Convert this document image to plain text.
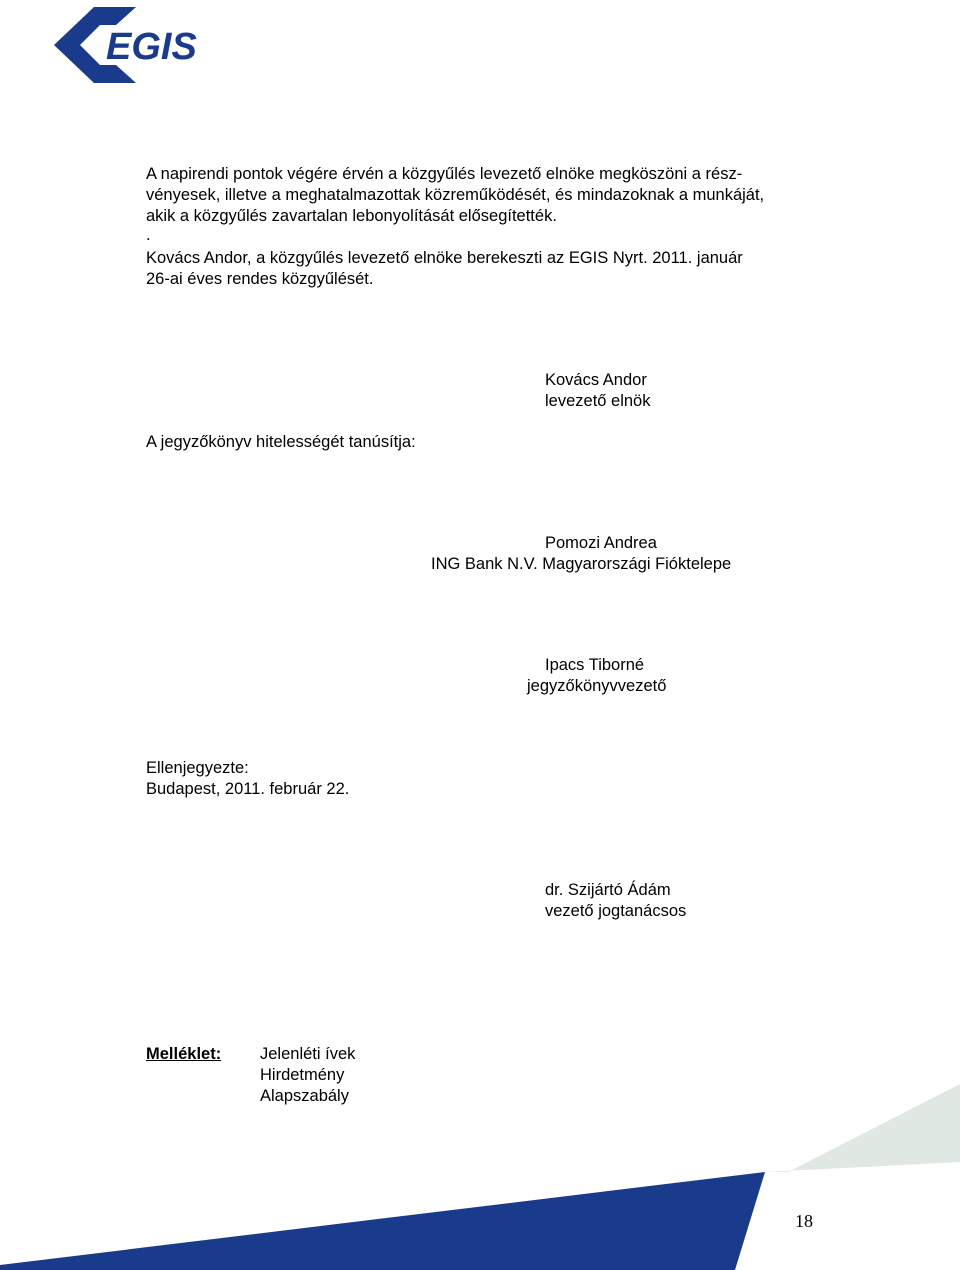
EGIS
A napirendi pontok végére érvén a közgyűlés levezető elnöke megköszöni a rész-
vényesek, illetve a meghatalmazottak közreműködését, és mindazoknak a munkáját,
akik a közgyűlés zavartalan lebonyolítását elősegítették.
.
Kovács Andor, a közgyűlés levezető elnöke berekeszti az EGIS Nyrt. 2011. január
26-ai éves rendes közgyűlését.
Kovács Andor
levezető elnök
A jegyzőkönyv hitelességét tanúsítja:
Pomozi Andrea
ING Bank N.V. Magyarországi Fióktelepe
Ipacs Tiborné
jegyzőkönyvvezető
Ellenjegyezte:
Budapest, 2011. február 22.
dr. Szijártó Ádám
vezető jogtanácsos
Melléklet: Jelenléti ívek
Hirdetmény
Alapszabály
18
